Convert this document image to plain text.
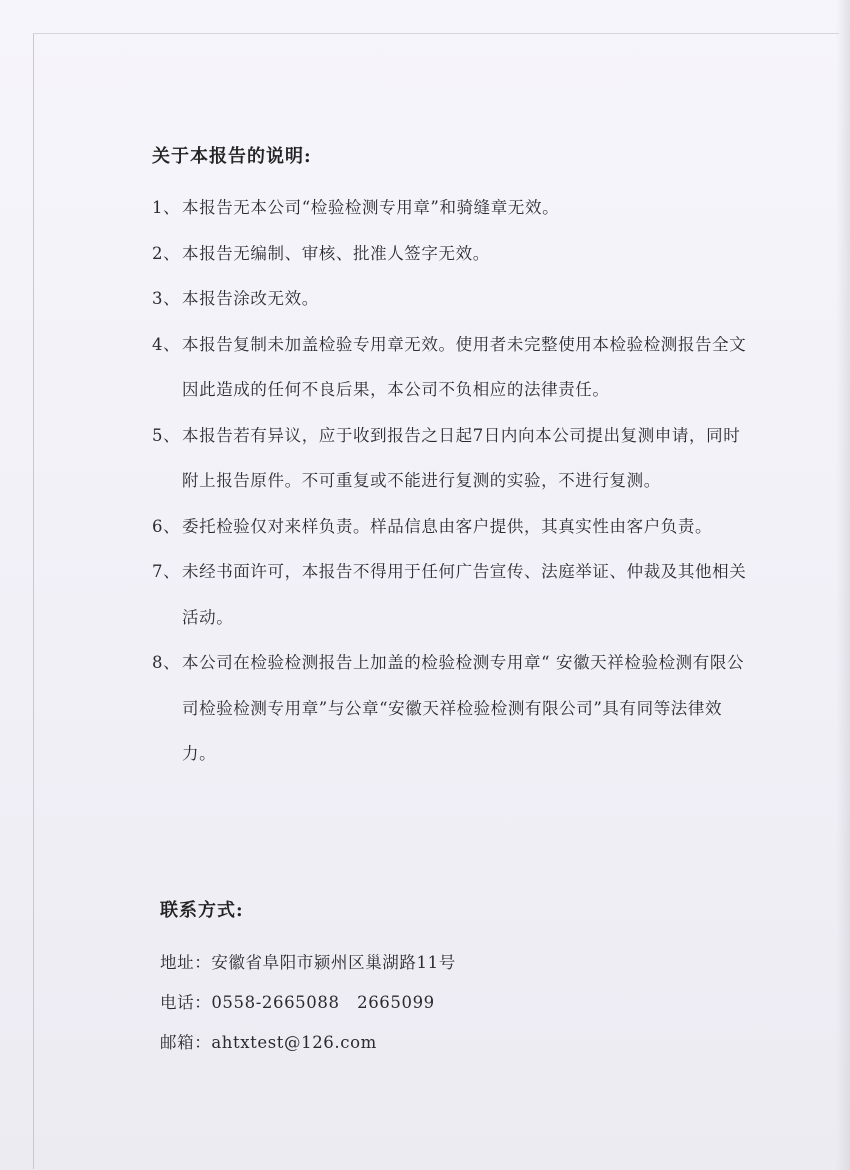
关于本报告的说明:
1、 本报告无本公司“检验检测专用章”和骑缝章无效。
2、 本报告无编制、审核、批准人签字无效。
3、 本报告涂改无效。
4、 本报告复制未加盖检验专用章无效。使用者未完整使用本检验检测报告全文因此造成的任何不良后果，本公司不负相应的法律责任。
5、 本报告若有异议，应于收到报告之日起7日内向本公司提出复测申请，同时附上报告原件。不可重复或不能进行复测的实验，不进行复测。
6、 委托检验仅对来样负责。样品信息由客户提供，其真实性由客户负责。
7、 未经书面许可，本报告不得用于任何广告宣传、法庭举证、仲裁及其他相关活动。
8、 本公司在检验检测报告上加盖的检验检测专用章“ 安徽天祥检验检测有限公司检验检测专用章”与公章“安徽天祥检验检测有限公司”具有同等法律效力。
联系方式:
地址：安徽省阜阳市颍州区巢湖路11号
电话：0558-2665088   2665099
邮箱：ahtxtest@126.com
